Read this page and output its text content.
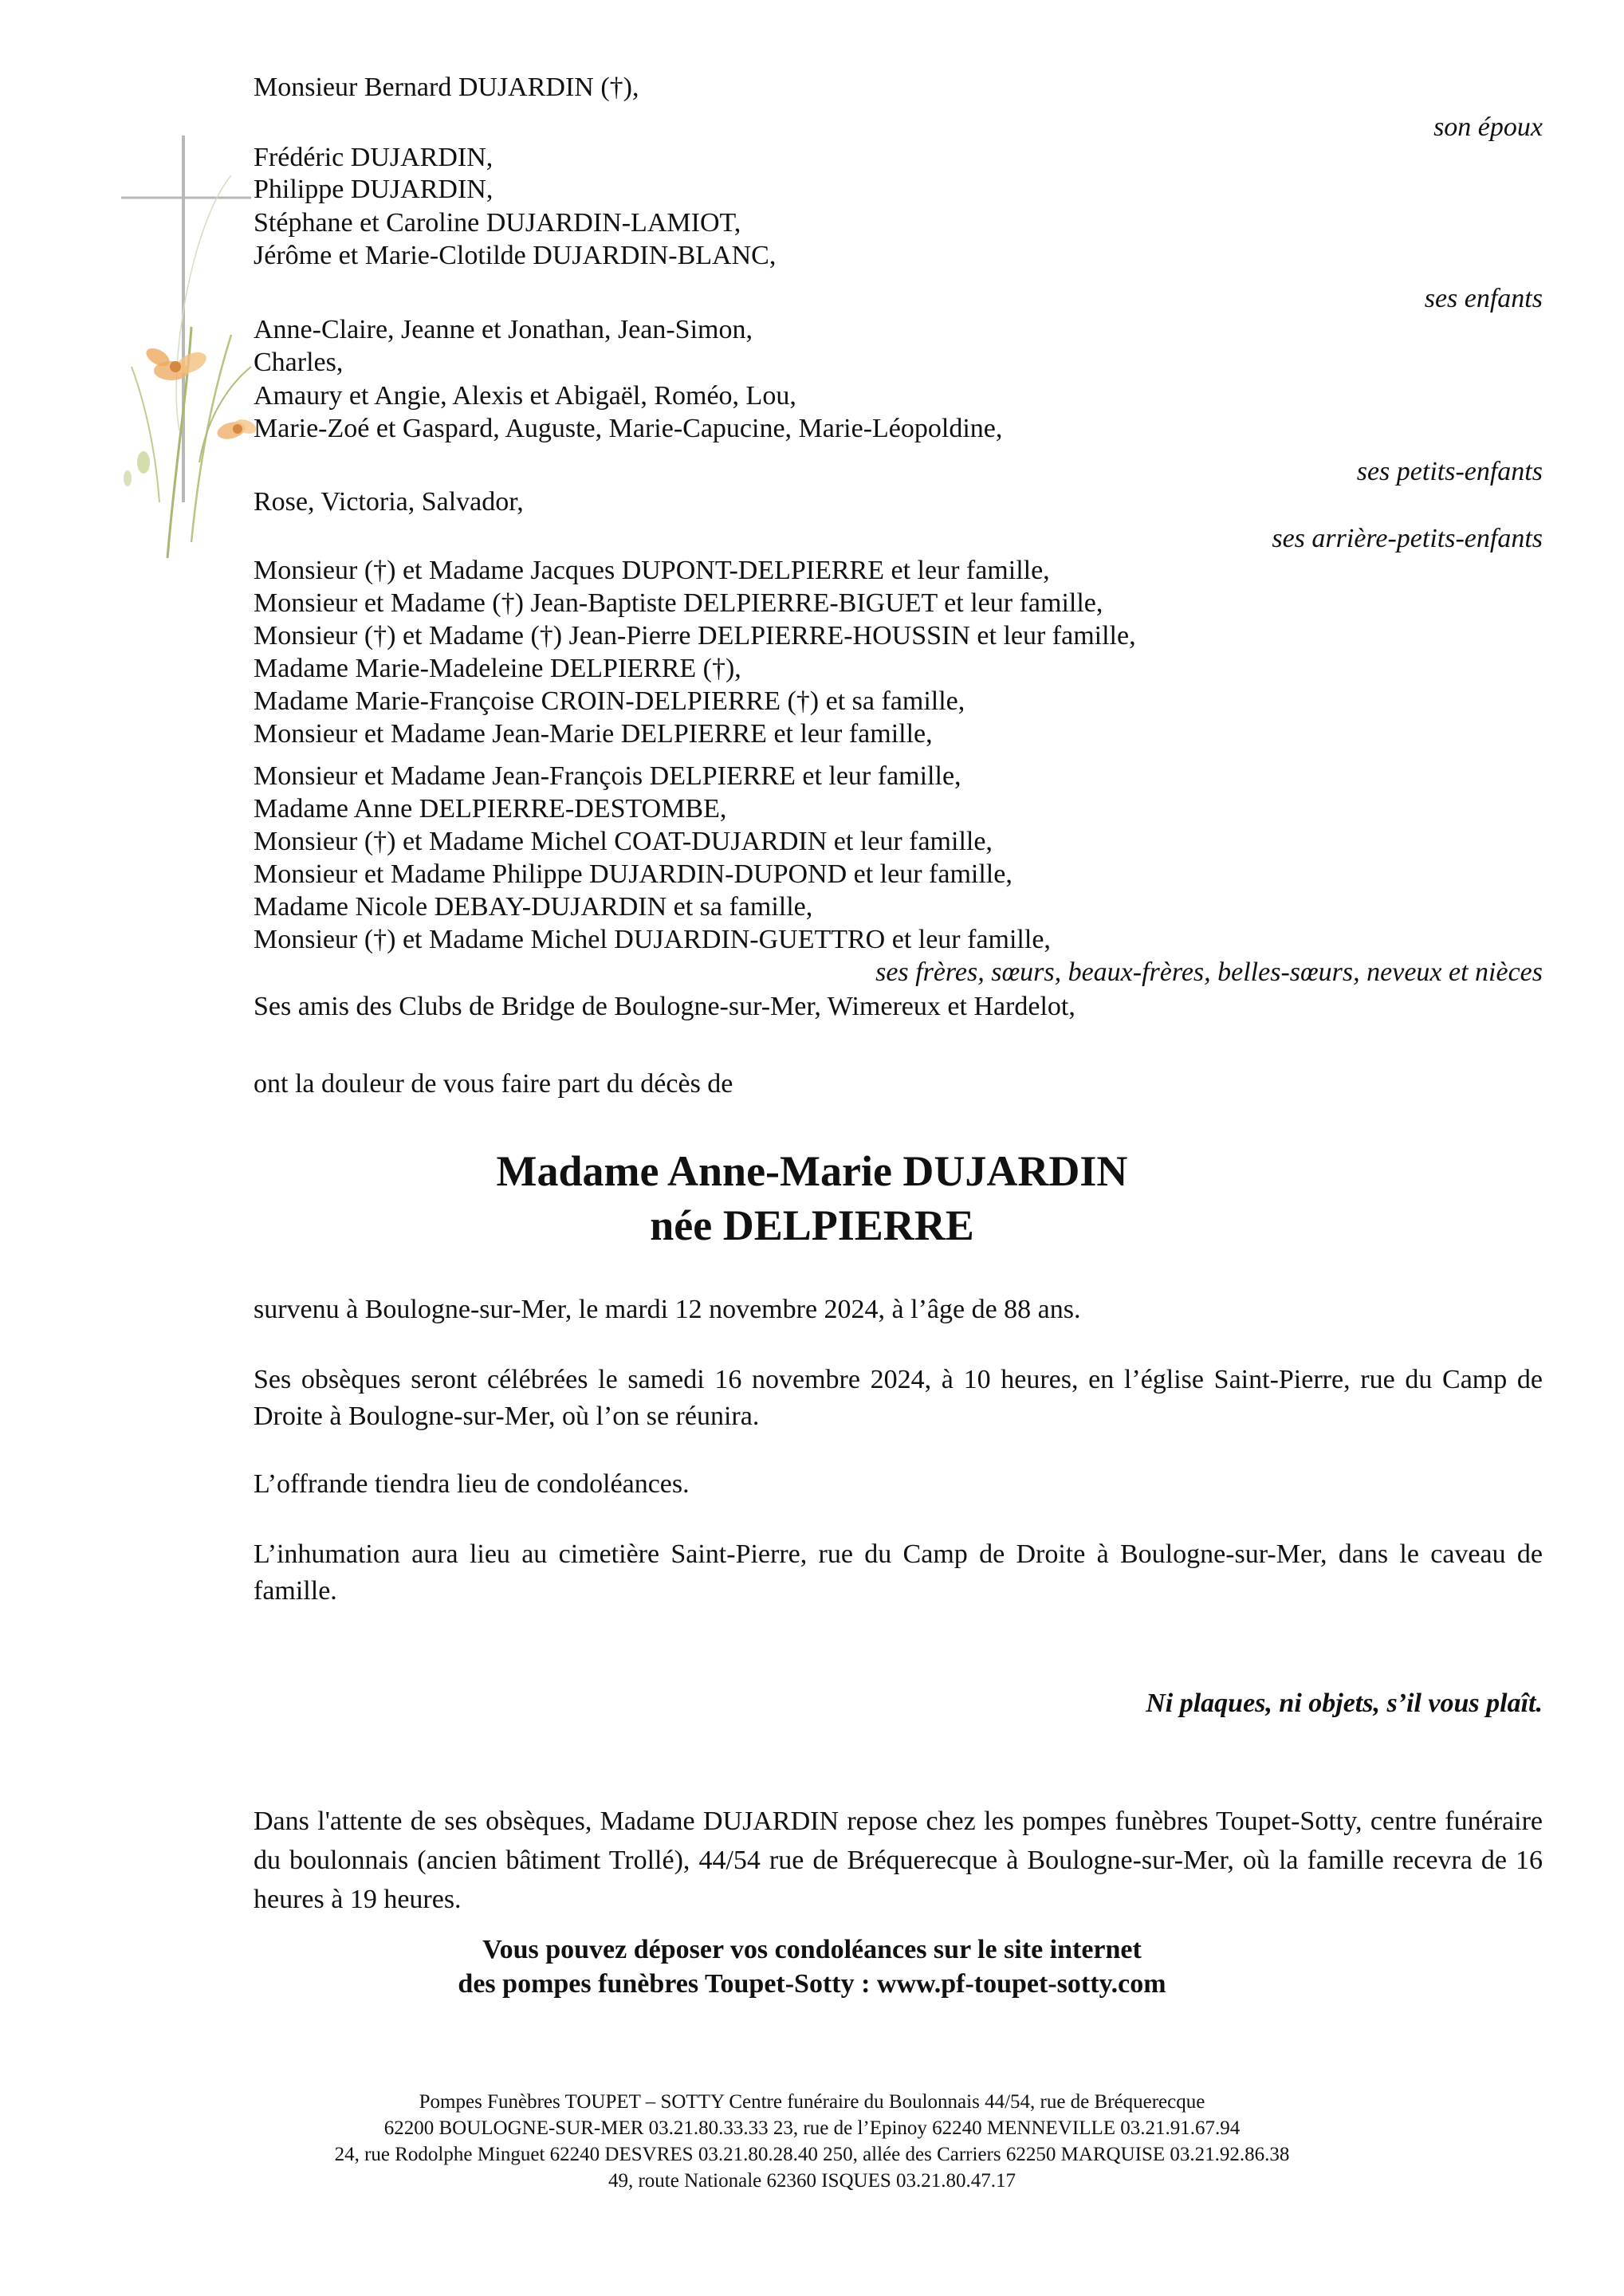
Monsieur Bernard DUJARDIN (†),
son époux
Frédéric DUJARDIN,
Philippe DUJARDIN,
Stéphane et Caroline DUJARDIN-LAMIOT,
Jérôme et Marie-Clotilde DUJARDIN-BLANC,
ses enfants
Anne-Claire, Jeanne et Jonathan, Jean-Simon,
Charles,
Amaury et Angie, Alexis et Abigaël, Roméo, Lou,
Marie-Zoé et Gaspard, Auguste, Marie-Capucine, Marie-Léopoldine,
ses petits-enfants
Rose, Victoria, Salvador,
ses arrière-petits-enfants
Monsieur (†) et Madame Jacques DUPONT-DELPIERRE et leur famille,
Monsieur et Madame (†) Jean-Baptiste DELPIERRE-BIGUET et leur famille,
Monsieur (†) et Madame (†) Jean-Pierre DELPIERRE-HOUSSIN et leur famille,
Madame Marie-Madeleine DELPIERRE (†),
Madame Marie-Françoise CROIN-DELPIERRE (†) et sa famille,
Monsieur et Madame Jean-Marie DELPIERRE et leur famille,
Monsieur et Madame Jean-François DELPIERRE et leur famille,
Madame Anne DELPIERRE-DESTOMBE,
Monsieur (†) et Madame Michel COAT-DUJARDIN et leur famille,
Monsieur et Madame Philippe DUJARDIN-DUPOND et leur famille,
Madame Nicole DEBAY-DUJARDIN et sa famille,
Monsieur (†) et Madame Michel DUJARDIN-GUETTRO et leur famille,
ses frères, sœurs, beaux-frères, belles-sœurs, neveux et nièces
Ses amis des Clubs de Bridge de Boulogne-sur-Mer, Wimereux et Hardelot,
ont la douleur de vous faire part du décès de
Madame Anne-Marie DUJARDIN
née DELPIERRE
survenu à Boulogne-sur-Mer, le mardi 12 novembre 2024, à l’âge de 88 ans.
Ses obsèques seront célébrées le samedi 16 novembre 2024, à 10 heures, en l’église Saint-Pierre, rue du Camp de Droite à Boulogne-sur-Mer, où l’on se réunira.
L’offrande tiendra lieu de condoléances.
L’inhumation aura lieu au cimetière Saint-Pierre, rue du Camp de Droite à Boulogne-sur-Mer, dans le caveau de famille.
Ni plaques, ni objets, s’il vous plaît.
Dans l'attente de ses obsèques, Madame DUJARDIN repose chez les pompes funèbres Toupet-Sotty, centre funéraire du boulonnais (ancien bâtiment Trollé), 44/54 rue de Bréquerecque à Boulogne-sur-Mer, où la famille recevra de 16 heures à 19 heures.
Vous pouvez déposer vos condoléances sur le site internet
des pompes funèbres Toupet-Sotty : www.pf-toupet-sotty.com
Pompes Funèbres TOUPET – SOTTY Centre funéraire du Boulonnais 44/54, rue de Bréquerecque
62200 BOULOGNE-SUR-MER 03.21.80.33.33 23, rue de l’Epinoy 62240 MENNEVILLE 03.21.91.67.94
24, rue Rodolphe Minguet 62240 DESVRES 03.21.80.28.40 250, allée des Carriers 62250 MARQUISE 03.21.92.86.38
49, route Nationale 62360 ISQUES 03.21.80.47.17
